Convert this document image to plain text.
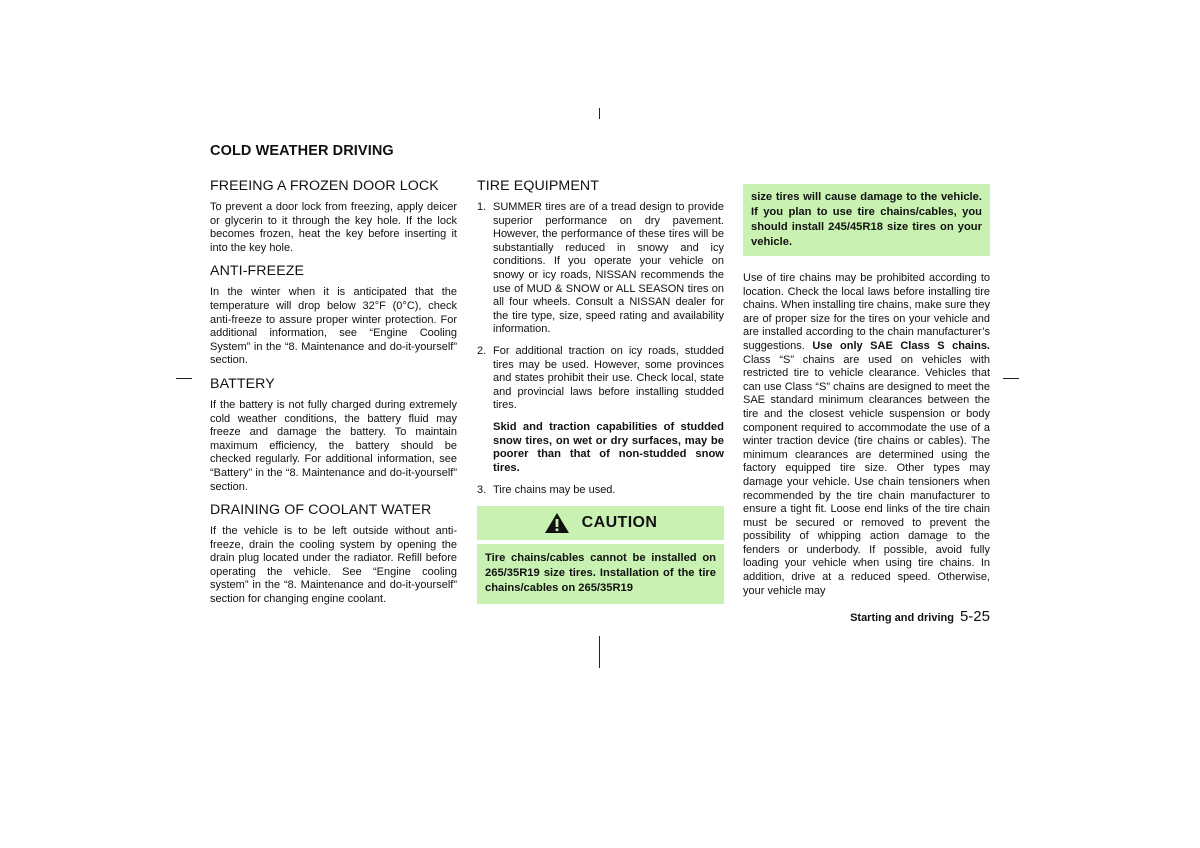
COLD WEATHER DRIVING
FREEING A FROZEN DOOR LOCK

To prevent a door lock from freezing, apply deicer or glycerin to it through the key hole. If the lock becomes frozen, heat the key before inserting it into the key hole.

ANTI-FREEZE

In the winter when it is anticipated that the temperature will drop below 32°F (0°C), check anti-freeze to assure proper winter protection. For additional information, see “Engine Cooling System” in the “8. Maintenance and do-it-yourself” section.

BATTERY

If the battery is not fully charged during extremely cold weather conditions, the battery fluid may freeze and damage the battery. To maintain maximum efficiency, the battery should be checked regularly. For additional information, see “Battery” in the “8. Maintenance and do-it-yourself” section.

DRAINING OF COOLANT WATER

If the vehicle is to be left outside without anti-freeze, drain the cooling system by opening the drain plug located under the radiator. Refill before operating the vehicle. See “Engine cooling system” in the “8. Maintenance and do-it-yourself” section for changing engine coolant.

TIRE EQUIPMENT
1. SUMMER tires are of a tread design to provide superior performance on dry pavement. However, the performance of these tires will be substantially reduced in snowy and icy conditions. If you operate your vehicle on snowy or icy roads, NISSAN recommends the use of MUD & SNOW or ALL SEASON tires on all four wheels. Consult a NISSAN dealer for the tire type, size, speed rating and availability information.

2. For additional traction on icy roads, studded tires may be used. However, some provinces and states prohibit their use. Check local, state and provincial laws before installing studded tires.

Skid and traction capabilities of studded snow tires, on wet or dry surfaces, may be poorer than that of non-studded snow tires.

3. Tire chains may be used.

CAUTION
Tire chains/cables cannot be installed on 265/35R19 size tires. Installation of the tire chains/cables on 265/35R19
size tires will cause damage to the vehicle. If you plan to use tire chains/cables, you should install 245/45R18 size tires on your vehicle.

Use of tire chains may be prohibited according to location. Check the local laws before installing tire chains. When installing tire chains, make sure they are of proper size for the tires on your vehicle and are installed according to the chain manufacturer’s suggestions. Use only SAE Class S chains. Class “S” chains are used on vehicles with restricted tire to vehicle clearance. Vehicles that can use Class “S” chains are designed to meet the SAE standard minimum clearances between the tire and the closest vehicle suspension or body component required to accommodate the use of a winter traction device (tire chains or cables). The minimum clearances are determined using the factory equipped tire size. Other types may damage your vehicle. Use chain tensioners when recommended by the tire chain manufacturer to ensure a tight fit. Loose end links of the tire chain must be secured or removed to prevent the possibility of whipping action damage to the fenders or underbody. If possible, avoid fully loading your vehicle when using tire chains. In addition, drive at a reduced speed. Otherwise, your vehicle may

Starting and driving 5-25
